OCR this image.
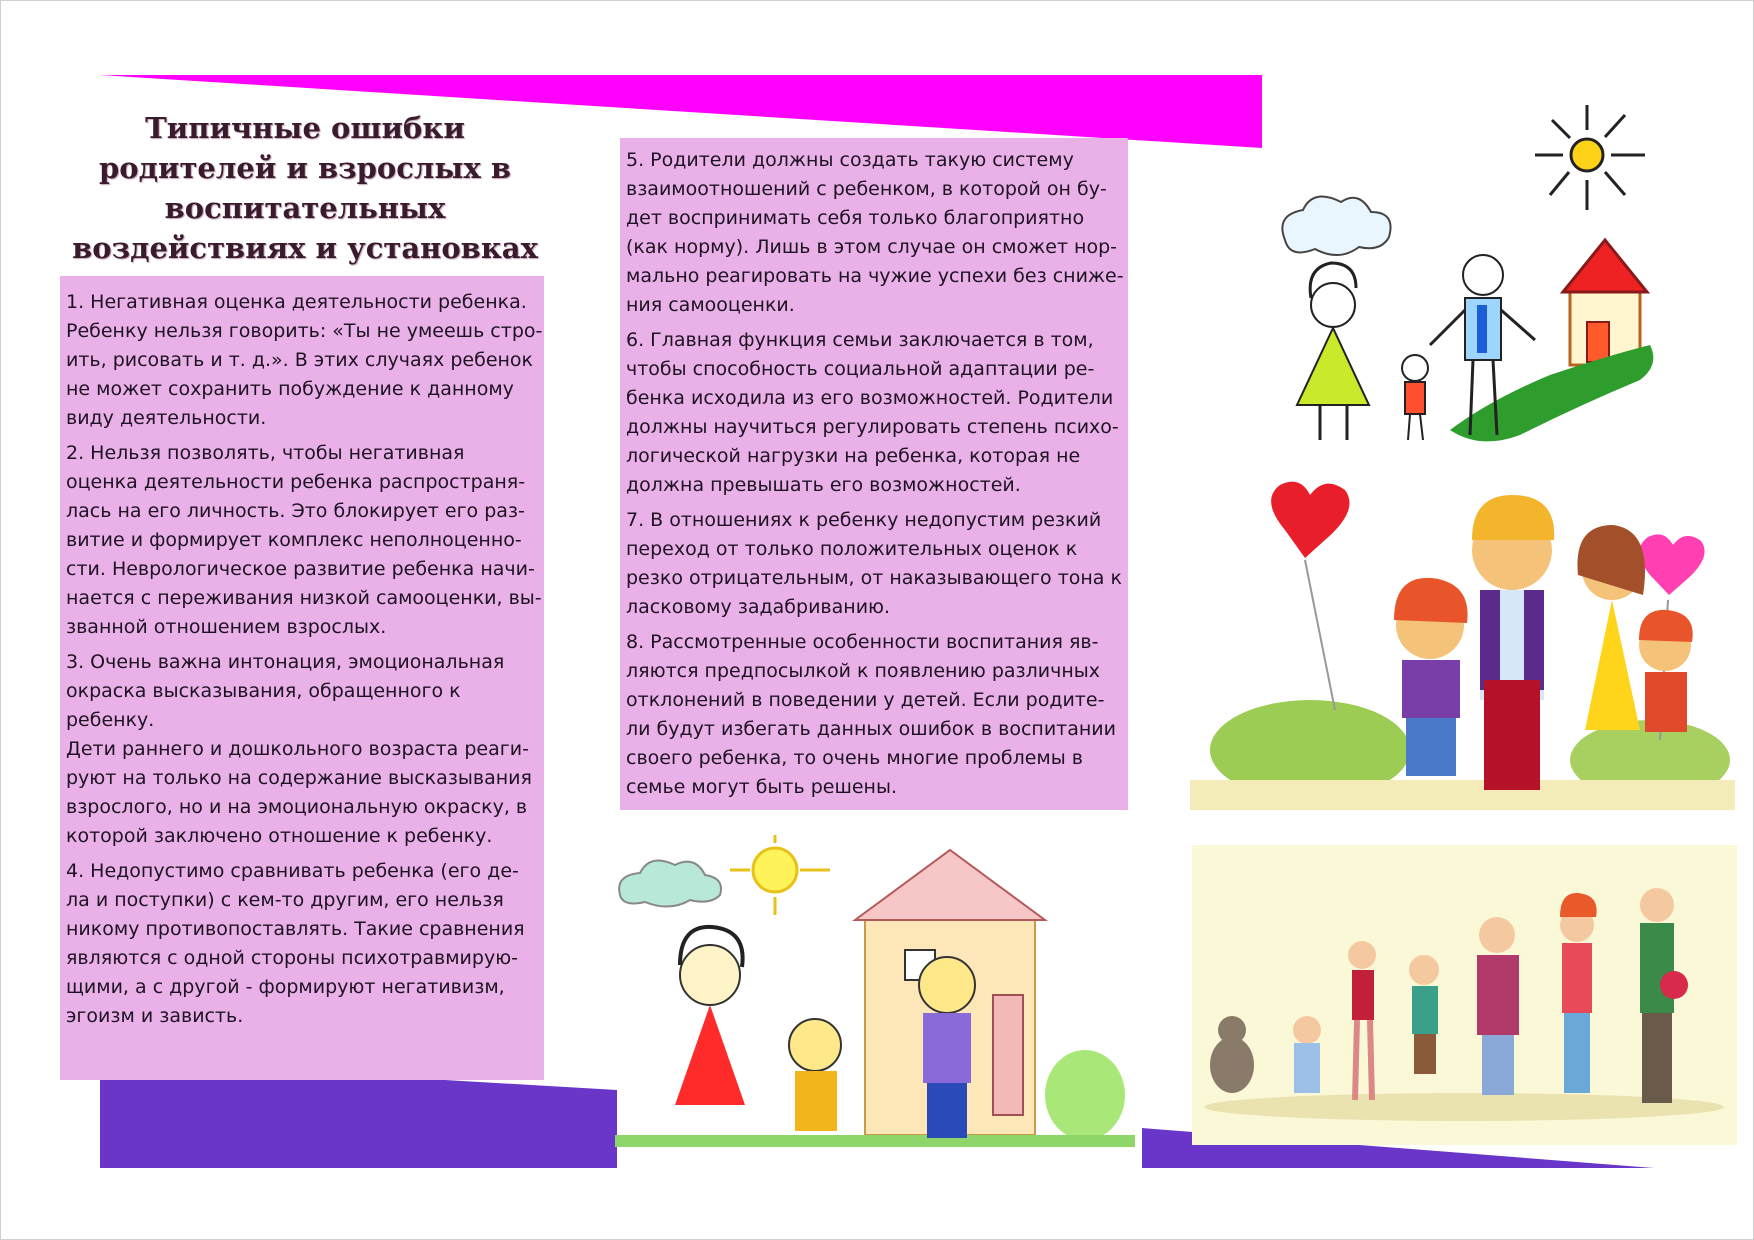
Типичные ошибки
родителей и взрослых в
воспитательных
воздействиях и установках

1. Негативная оценка деятельности ребенка.
Ребенку нельзя говорить: «Ты не умеешь стро-
ить, рисовать и т. д.». В этих случаях ребенок
не может сохранить побуждение к данному
виду деятельности.

2. Нельзя позволять, чтобы негативная
оценка деятельности ребенка распространя-
лась на его личность. Это блокирует его раз-
витие и формирует комплекс неполноценно-
сти. Неврологическое развитие ребенка начи-
нается с переживания низкой самооценки, вы-
званной отношением взрослых.

3. Очень важна интонация, эмоциональная
окраска высказывания, обращенного к ребенку.
Дети раннего и дошкольного возраста реаги-
руют на только на содержание высказывания
взрослого, но и на эмоциональную окраску, в
которой заключено отношение к ребенку.

4. Недопустимо сравнивать ребенка (его де-
ла и поступки) с кем-то другим, его нельзя
никому противопоставлять. Такие сравнения
являются с одной стороны психотравмирую-
щими, а с другой - формируют негативизм,
эгоизм и зависть.

5. Родители должны создать такую систему
взаимоотношений с ребенком, в которой он бу-
дет воспринимать себя только благоприятно
(как норму). Лишь в этом случае он сможет нор-
мально реагировать на чужие успехи без сниже-
ния самооценки.

6. Главная функция семьи заключается в том,
чтобы способность социальной адаптации ре-
бенка исходила из его возможностей. Родители
должны научиться регулировать степень психо-
логической нагрузки на ребенка, которая не
должна превышать его возможностей.

7. В отношениях к ребенку недопустим резкий
переход от только положительных оценок к
резко отрицательным, от наказывающего тона к
ласковому задабриванию.

8. Рассмотренные особенности воспитания яв-
ляются предпосылкой к появлению различных
отклонений в поведении у детей. Если родите-
ли будут избегать данных ошибок в воспитании
своего ребенка, то очень многие проблемы в
семье могут быть решены.
